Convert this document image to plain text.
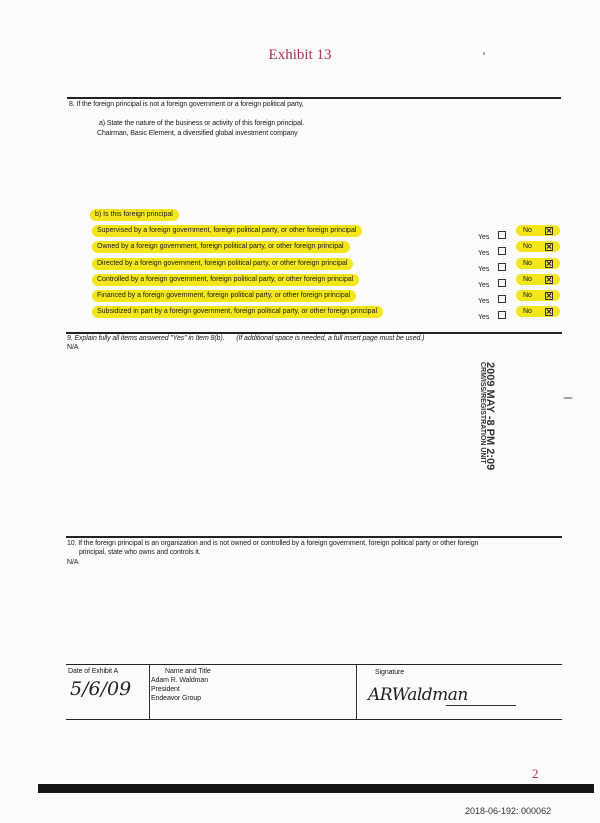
Exhibit 13
8. If the foreign principal is not a foreign government or a foreign political party,
a) State the nature of the business or activity of this foreign principal.
Chairman, Basic Element, a diversified global investment company
b) Is this foreign principal
Supervised by a foreign government, foreign political party, or other foreign principal
Owned by a foreign government, foreign political party, or other foreign principal
Directed by a foreign government, foreign political party, or other foreign principal
Controlled by a foreign government, foreign political party, or other foreign principal
Financed by a foreign government, foreign political party, or other foreign principal
Subsidized in part by a foreign government, foreign political party, or other foreign principal
Yes
No
Yes
No
Yes
No
Yes
No
Yes
No
Yes
No
9. Explain fully all items answered "Yes" in Item 8(b). (If additional space is needed, a full insert page must be used.)
N/A
2009 MAY -8 PM 2:09
CRM/ISS/REGISTRATION UNIT
10. If the foreign principal is an organization and is not owned or controlled by a foreign government, foreign political party or other foreign
principal, state who owns and controls it.
N/A
Date of Exhibit A
5/6/09
Name and Title
Adam R. Waldman
President
Endeavor Group
Signature
ARWaldman
2
2018-06-192: 000062
